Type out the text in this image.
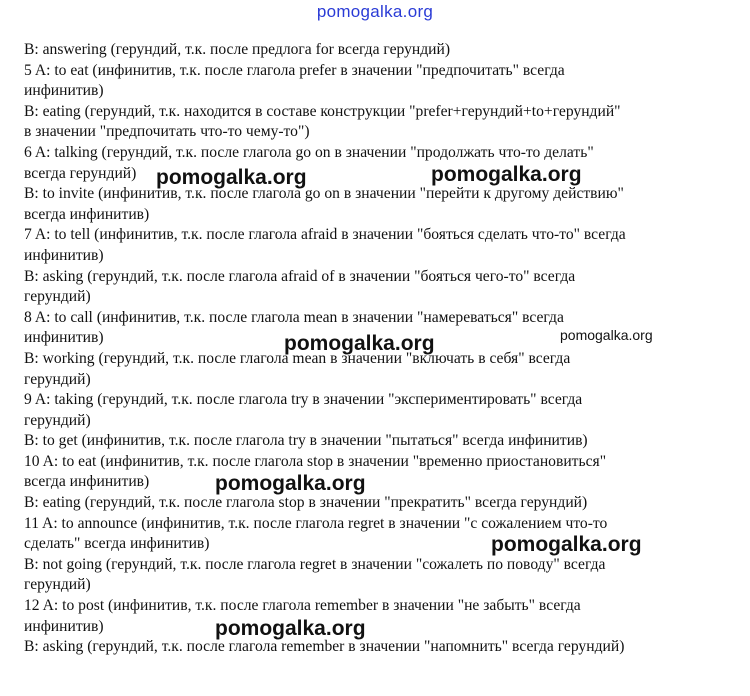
pomogalka.org
B: answering (герундий, т.к. после предлога for всегда герундий)
5 A: to eat (инфинитив, т.к. после глагола prefer в значении "предпочитать" всегда
инфинитив)
B: eating (герундий, т.к. находится в составе конструкции "prefer+герундий+to+герундий"
в значении "предпочитать что-то чему-то")
6 A: talking (герундий, т.к. после глагола go on в значении "продолжать что-то делать"
всегда герундий)
B: to invite (инфинитив, т.к. после глагола go on в значении "перейти к другому действию"
всегда инфинитив)
7 A: to tell (инфинитив, т.к. после глагола afraid в значении "бояться сделать что-то" всегда
инфинитив)
B: asking (герундий, т.к. после глагола afraid of в значении "бояться чего-то" всегда
герундий)
8 A: to call (инфинитив, т.к. после глагола mean в значении "намереваться" всегда
инфинитив)
B: working (герундий, т.к. после глагола mean в значении "включать в себя" всегда
герундий)
9 A: taking (герундий, т.к. после глагола try в значении "экспериментировать" всегда
герундий)
B: to get (инфинитив, т.к. после глагола try в значении "пытаться" всегда инфинитив)
10 A: to eat (инфинитив, т.к. после глагола stop в значении "временно приостановиться"
всегда инфинитив)
B: eating (герундий, т.к. после глагола stop в значении "прекратить" всегда герундий)
11 A: to announce (инфинитив, т.к. после глагола regret в значении "с сожалением что-то
сделать" всегда инфинитив)
B: not going (герундий, т.к. после глагола regret в значении "сожалеть по поводу" всегда
герундий)
12 A: to post (инфинитив, т.к. после глагола remember в значении "не забыть" всегда
инфинитив)
B: asking (герундий, т.к. после глагола remember в значении "напомнить" всегда герундий)
pomogalka.org	pomogalka.org
pomogalka.org
pomogalka.org
pomogalka.org
pomogalka.org
pomogalka.org
